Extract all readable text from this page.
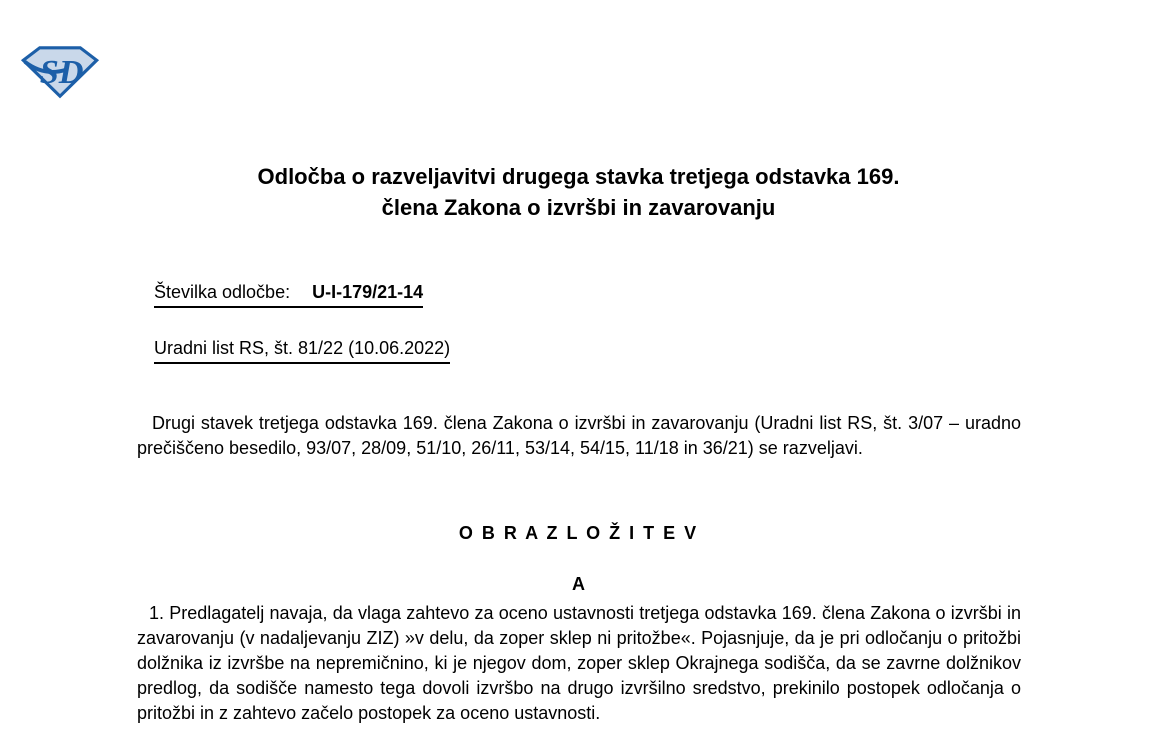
SD
Odločba o razveljavitvi drugega stavka tretjega odstavka 169.
člena Zakona o izvršbi in zavarovanju
Številka odločbe: U-I-179/21-14
Uradni list RS, št. 81/22 (10.06.2022)

Drugi stavek tretjega odstavka 169. člena Zakona o izvršbi in zavarovanju (Uradni list RS, št. 3/07 – uradno prečiščeno besedilo, 93/07, 28/09, 51/10, 26/11, 53/14, 54/15, 11/18 in 36/21) se razveljavi.

O B R A Z L O Ž I T E V
A

1. Predlagatelj navaja, da vlaga zahtevo za oceno ustavnosti tretjega odstavka 169. člena Zakona o izvršbi in zavarovanju (v nadaljevanju ZIZ) »v delu, da zoper sklep ni pritožbe«. Pojasnjuje, da je pri odločanju o pritožbi dolžnika iz izvršbe na nepremičnino, ki je njegov dom, zoper sklep Okrajnega sodišča, da se zavrne dolžnikov predlog, da sodišče namesto tega dovoli izvršbo na drugo izvršilno sredstvo, prekinilo postopek odločanja o pritožbi in z zahtevo začelo postopek za oceno ustavnosti.
